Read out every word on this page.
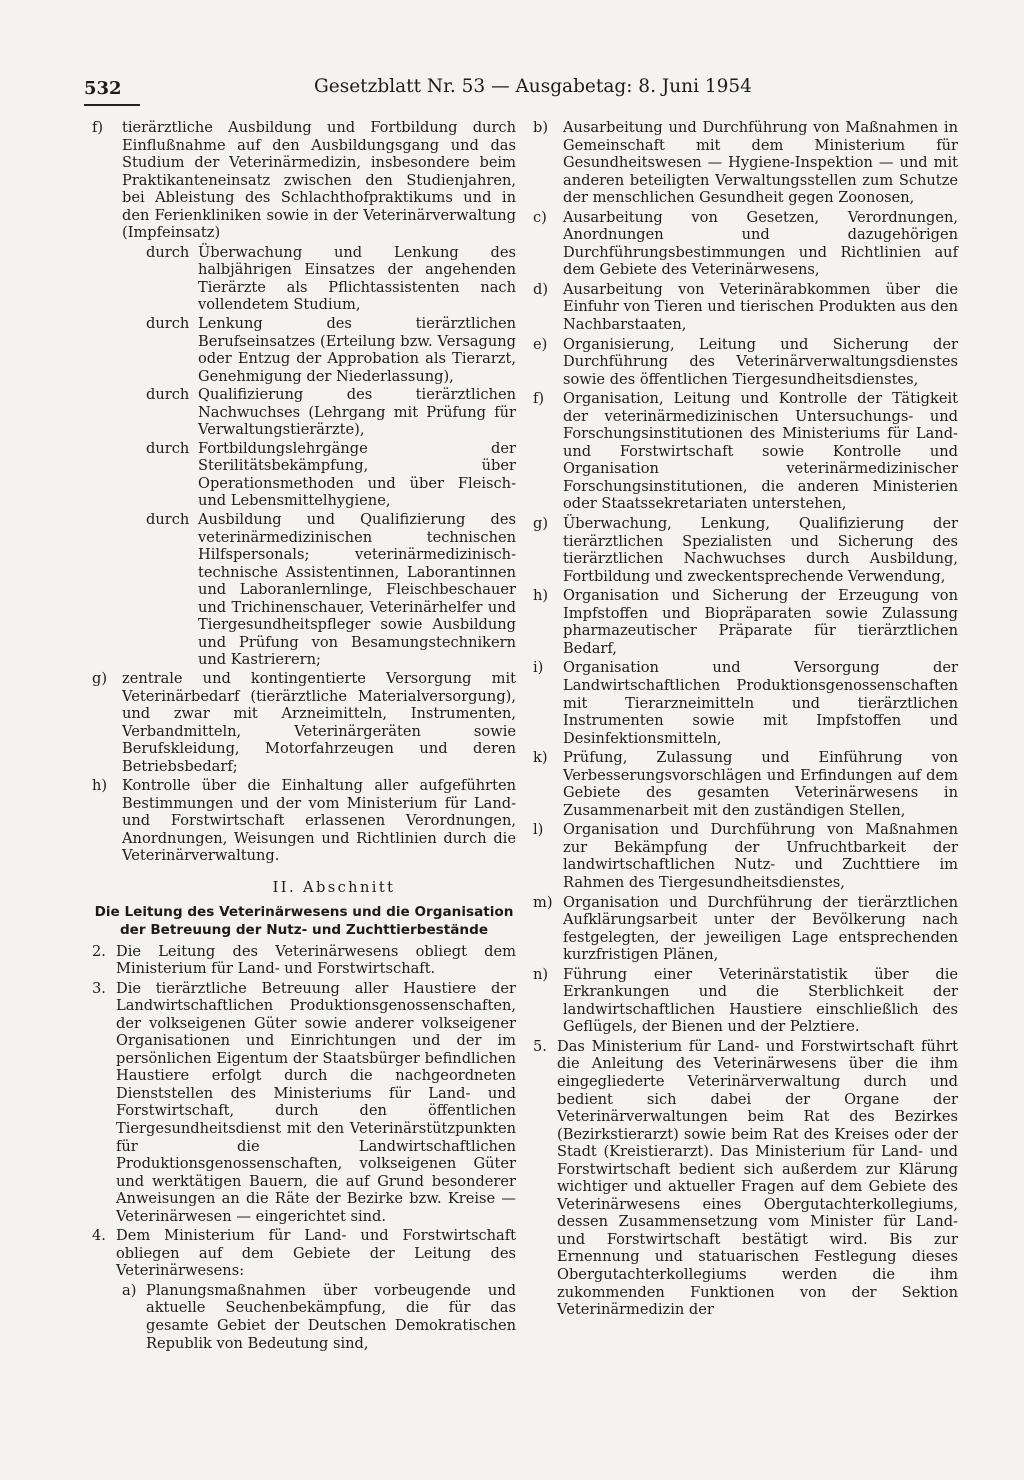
532	Gesetzblatt Nr. 53 — Ausgabetag: 8. Juni 1954
f) tierärztliche Ausbildung und Fortbildung durch Einflußnahme auf den Ausbildungsgang und das Studium der Veterinärmedizin, insbesondere beim Praktikanteneinsatz zwischen den Studienjahren, bei Ableistung des Schlachthofpraktikums und in den Ferienkliniken sowie in der Veterinärverwaltung (Impfeinsatz)
durch Überwachung und Lenkung des halbjährigen Einsatzes der angehenden Tierärzte als Pflichtassistenten nach vollendetem Studium,
durch Lenkung des tierärztlichen Berufseinsatzes (Erteilung bzw. Versagung oder Entzug der Approbation als Tierarzt, Genehmigung der Niederlassung),
durch Qualifizierung des tierärztlichen Nachwuchses (Lehrgang mit Prüfung für Verwaltungstierärzte),
durch Fortbildungslehrgänge der Sterilitätsbekämpfung, über Operationsmethoden und über Fleisch- und Lebensmittelhygiene,
durch Ausbildung und Qualifizierung des veterinärmedizinischen technischen Hilfspersonals; veterinärmedizinisch-technische Assistentinnen, Laborantinnen und Laboranlernlinge, Fleischbeschauer und Trichinenschauer, Veterinärhelfer und Tiergesundheitspfleger sowie Ausbildung und Prüfung von Besamungstechnikern und Kastrierern;
g) zentrale und kontingentierte Versorgung mit Veterinärbedarf (tierärztliche Materialversorgung), und zwar mit Arzneimitteln, Instrumenten, Verbandmitteln, Veterinärgeräten sowie Berufskleidung, Motorfahrzeugen und deren Betriebsbedarf;
h) Kontrolle über die Einhaltung aller aufgeführten Bestimmungen und der vom Ministerium für Land- und Forstwirtschaft erlassenen Verordnungen, Anordnungen, Weisungen und Richtlinien durch die Veterinärverwaltung.
II. Abschnitt
Die Leitung des Veterinärwesens und die Organisation der Betreuung der Nutz- und Zuchttierbestände
2. Die Leitung des Veterinärwesens obliegt dem Ministerium für Land- und Forstwirtschaft.
3. Die tierärztliche Betreuung aller Haustiere der Landwirtschaftlichen Produktionsgenossenschaften, der volkseigenen Güter sowie anderer volkseigener Organisationen und Einrichtungen und der im persönlichen Eigentum der Staatsbürger befindlichen Haustiere erfolgt durch die nachgeordneten Dienststellen des Ministeriums für Land- und Forstwirtschaft, durch den öffentlichen Tiergesundheitsdienst mit den Veterinärstützpunkten für die Landwirtschaftlichen Produktionsgenossenschaften, volkseigenen Güter und werktätigen Bauern, die auf Grund besonderer Anweisungen an die Räte der Bezirke bzw. Kreise — Veterinärwesen — eingerichtet sind.
4. Dem Ministerium für Land- und Forstwirtschaft obliegen auf dem Gebiete der Leitung des Veterinärwesens:
a) Planungsmaßnahmen über vorbeugende und aktuelle Seuchenbekämpfung, die für das gesamte Gebiet der Deutschen Demokratischen Republik von Bedeutung sind,
b) Ausarbeitung und Durchführung von Maßnahmen in Gemeinschaft mit dem Ministerium für Gesundheitswesen — Hygiene-Inspektion — und mit anderen beteiligten Verwaltungsstellen zum Schutze der menschlichen Gesundheit gegen Zoonosen,
c) Ausarbeitung von Gesetzen, Verordnungen, Anordnungen und dazugehörigen Durchführungsbestimmungen und Richtlinien auf dem Gebiete des Veterinärwesens,
d) Ausarbeitung von Veterinärabkommen über die Einfuhr von Tieren und tierischen Produkten aus den Nachbarstaaten,
e) Organisierung, Leitung und Sicherung der Durchführung des Veterinärverwaltungsdienstes sowie des öffentlichen Tiergesundheitsdienstes,
f) Organisation, Leitung und Kontrolle der Tätigkeit der veterinärmedizinischen Untersuchungs- und Forschungsinstitutionen des Ministeriums für Land- und Forstwirtschaft sowie Kontrolle und Organisation veterinärmedizinischer Forschungsinstitutionen, die anderen Ministerien oder Staatssekretariaten unterstehen,
g) Überwachung, Lenkung, Qualifizierung der tierärztlichen Spezialisten und Sicherung des tierärztlichen Nachwuchses durch Ausbildung, Fortbildung und zweckentsprechende Verwendung,
h) Organisation und Sicherung der Erzeugung von Impfstoffen und Biopräparaten sowie Zulassung pharmazeutischer Präparate für tierärztlichen Bedarf,
i) Organisation und Versorgung der Landwirtschaftlichen Produktionsgenossenschaften mit Tierarzneimitteln und tierärztlichen Instrumenten sowie mit Impfstoffen und Desinfektionsmitteln,
k) Prüfung, Zulassung und Einführung von Verbesserungsvorschlägen und Erfindungen auf dem Gebiete des gesamten Veterinärwesens in Zusammenarbeit mit den zuständigen Stellen,
l) Organisation und Durchführung von Maßnahmen zur Bekämpfung der Unfruchtbarkeit der landwirtschaftlichen Nutz- und Zuchttiere im Rahmen des Tiergesundheitsdienstes,
m) Organisation und Durchführung der tierärztlichen Aufklärungsarbeit unter der Bevölkerung nach festgelegten, der jeweiligen Lage entsprechenden kurzfristigen Plänen,
n) Führung einer Veterinärstatistik über die Erkrankungen und die Sterblichkeit der landwirtschaftlichen Haustiere einschließlich des Geflügels, der Bienen und der Pelztiere.
5. Das Ministerium für Land- und Forstwirtschaft führt die Anleitung des Veterinärwesens über die ihm eingegliederte Veterinärverwaltung durch und bedient sich dabei der Organe der Veterinärverwaltungen beim Rat des Bezirkes (Bezirkstierarzt) sowie beim Rat des Kreises oder der Stadt (Kreistierarzt). Das Ministerium für Land- und Forstwirtschaft bedient sich außerdem zur Klärung wichtiger und aktueller Fragen auf dem Gebiete des Veterinärwesens eines Obergutachterkollegiums, dessen Zusammensetzung vom Minister für Land- und Forstwirtschaft bestätigt wird. Bis zur Ernennung und statuarischen Festlegung dieses Obergutachterkollegiums werden die ihm zukommenden Funktionen von der Sektion Veterinärmedizin der
